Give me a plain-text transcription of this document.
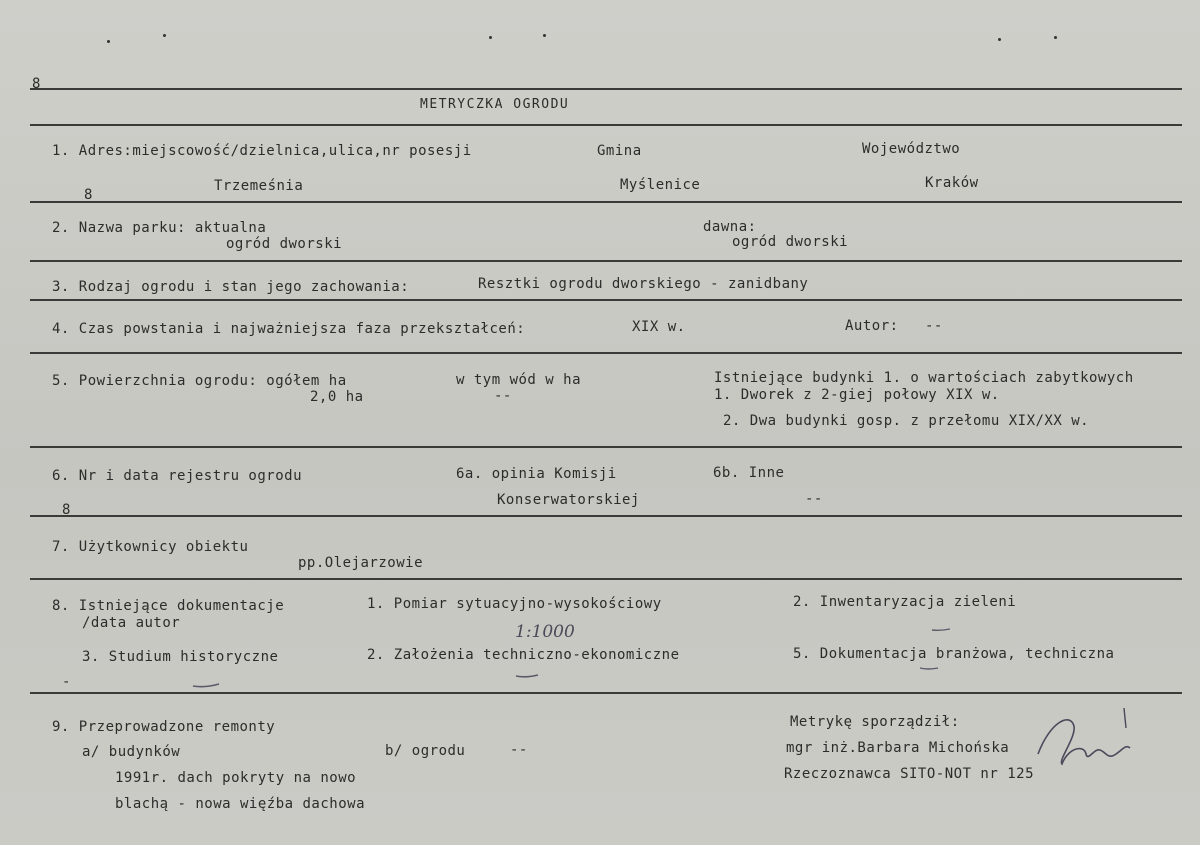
8
METRYCZKA OGRODU
1. Adres:miejscowość/dzielnica,ulica,nr posesji	Gmina	Województwo
8
Trzemeśnia	Myślenice	Kraków
2. Nazwa parku: aktualna
ogród dworski
dawna:
ogród dworski
3. Rodzaj ogrodu i stan jego zachowania:	Resztki ogrodu dworskiego - zanidbany
4. Czas powstania i najważniejsza faza przekształceń:	XIX w.	Autor: --
5. Powierzchnia ogrodu: ogółem ha
2,0 ha
w tym wód w ha
--
Istniejące budynki 1. o wartościach zabytkowych
1. Dworek z 2-giej połowy XIX w.
2. Dwa budynki gosp. z przełomu XIX/XX w.
6. Nr i data rejestru ogrodu	6a. opinia Komisji
Konserwatorskiej
6b. Inne
--
8
7. Użytkownicy obiektu
pp.Olejarzowie
8. Istniejące dokumentacje
/data autor
1. Pomiar sytuacyjno-wysokościowy	2. Inwentaryzacja zieleni
1:1000
3. Studium historyczne	2. Założenia techniczno-ekonomiczne	5. Dokumentacja branżowa, techniczna
-
9. Przeprowadzone remonty
a/ budynków	b/ ogrodu	--
1991r. dach pokryty na nowo
blachą - nowa więźba dachowa
Metrykę sporządził:
mgr inż.Barbara Michońska
Rzeczoznawca SITO-NOT nr 125
